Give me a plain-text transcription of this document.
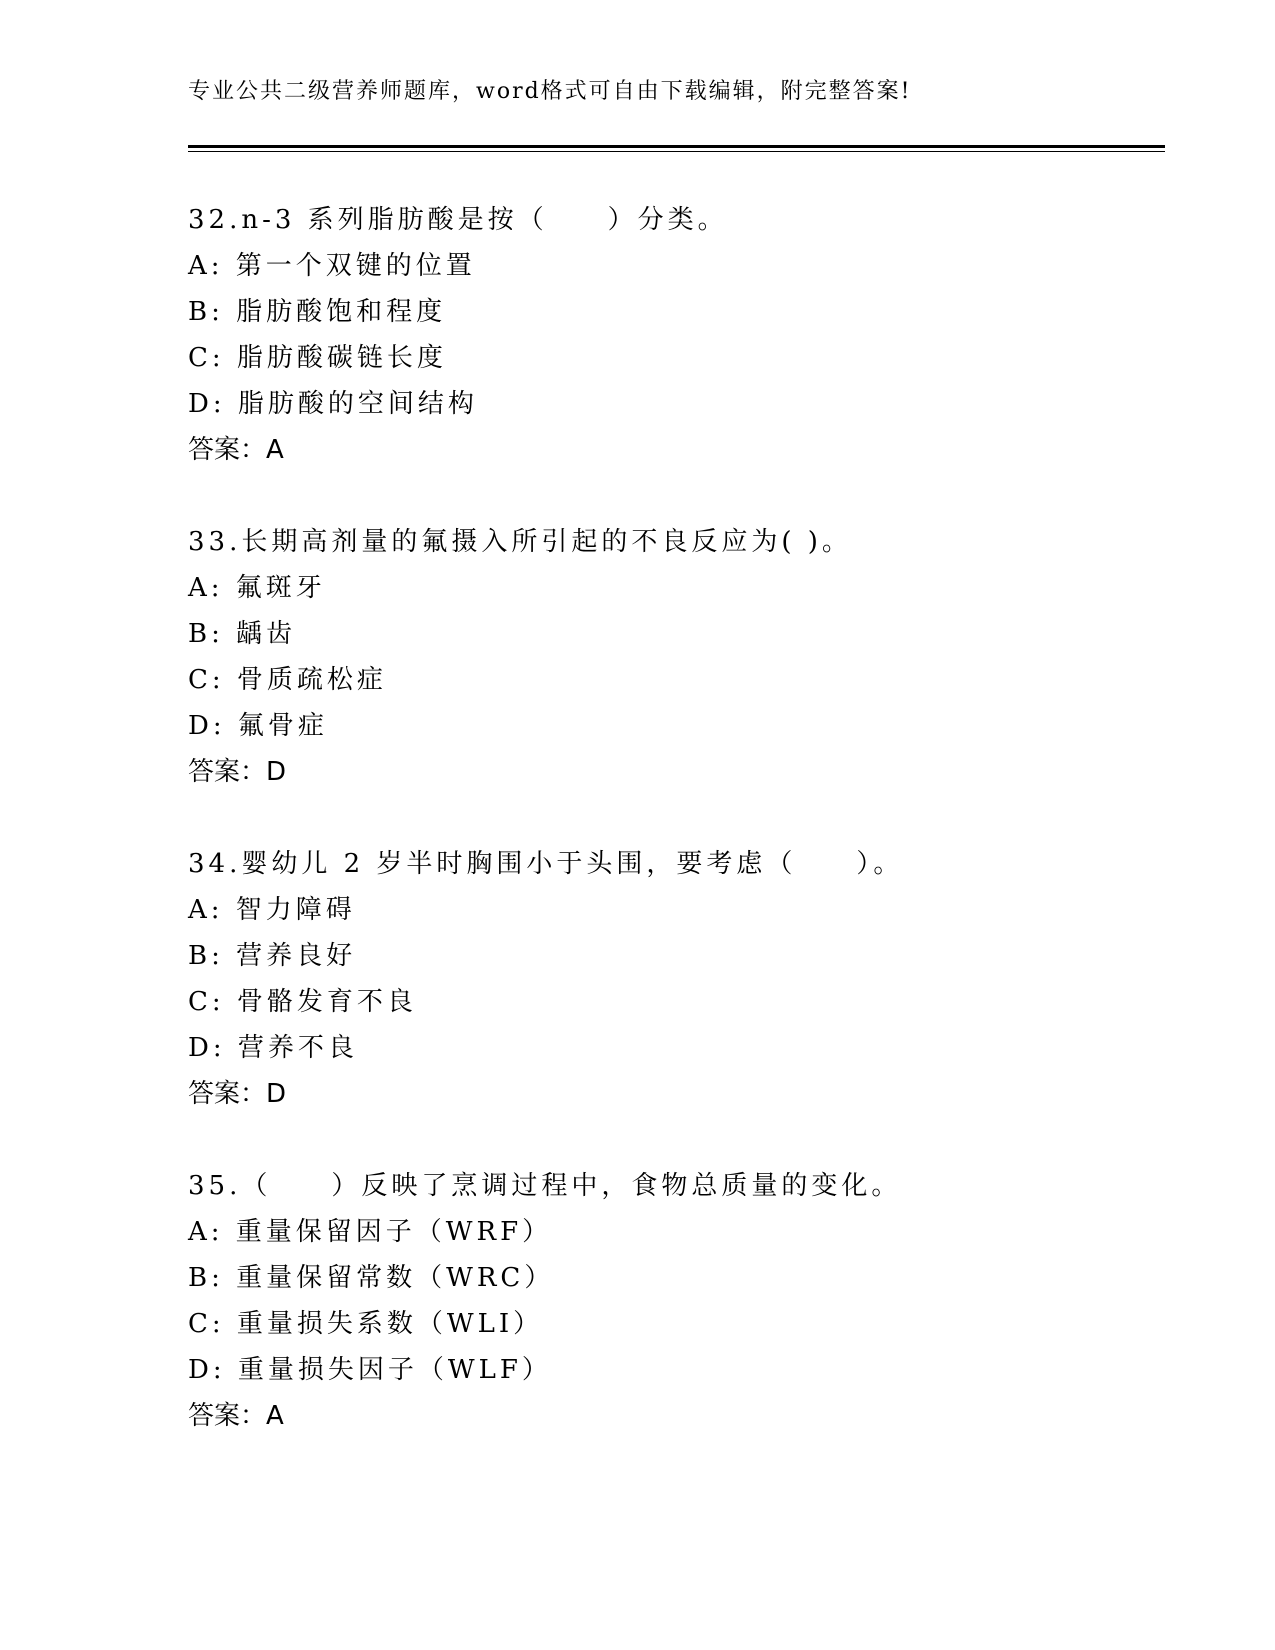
专业公共二级营养师题库，word格式可自由下载编辑，附完整答案!
32.n-3 系列脂肪酸是按（　　）分类。
A: 第一个双键的位置
B: 脂肪酸饱和程度
C: 脂肪酸碳链长度
D: 脂肪酸的空间结构
答案：A
33.长期高剂量的氟摄入所引起的不良反应为( )。
A: 氟斑牙
B: 龋齿
C: 骨质疏松症
D: 氟骨症
答案：D
34.婴幼儿 2 岁半时胸围小于头围，要考虑（　　）。
A: 智力障碍
B: 营养良好
C: 骨骼发育不良
D: 营养不良
答案：D
35.（　　）反映了烹调过程中，食物总质量的变化。
A: 重量保留因子（WRF）
B: 重量保留常数（WRC）
C: 重量损失系数（WLI）
D: 重量损失因子（WLF）
答案：A
